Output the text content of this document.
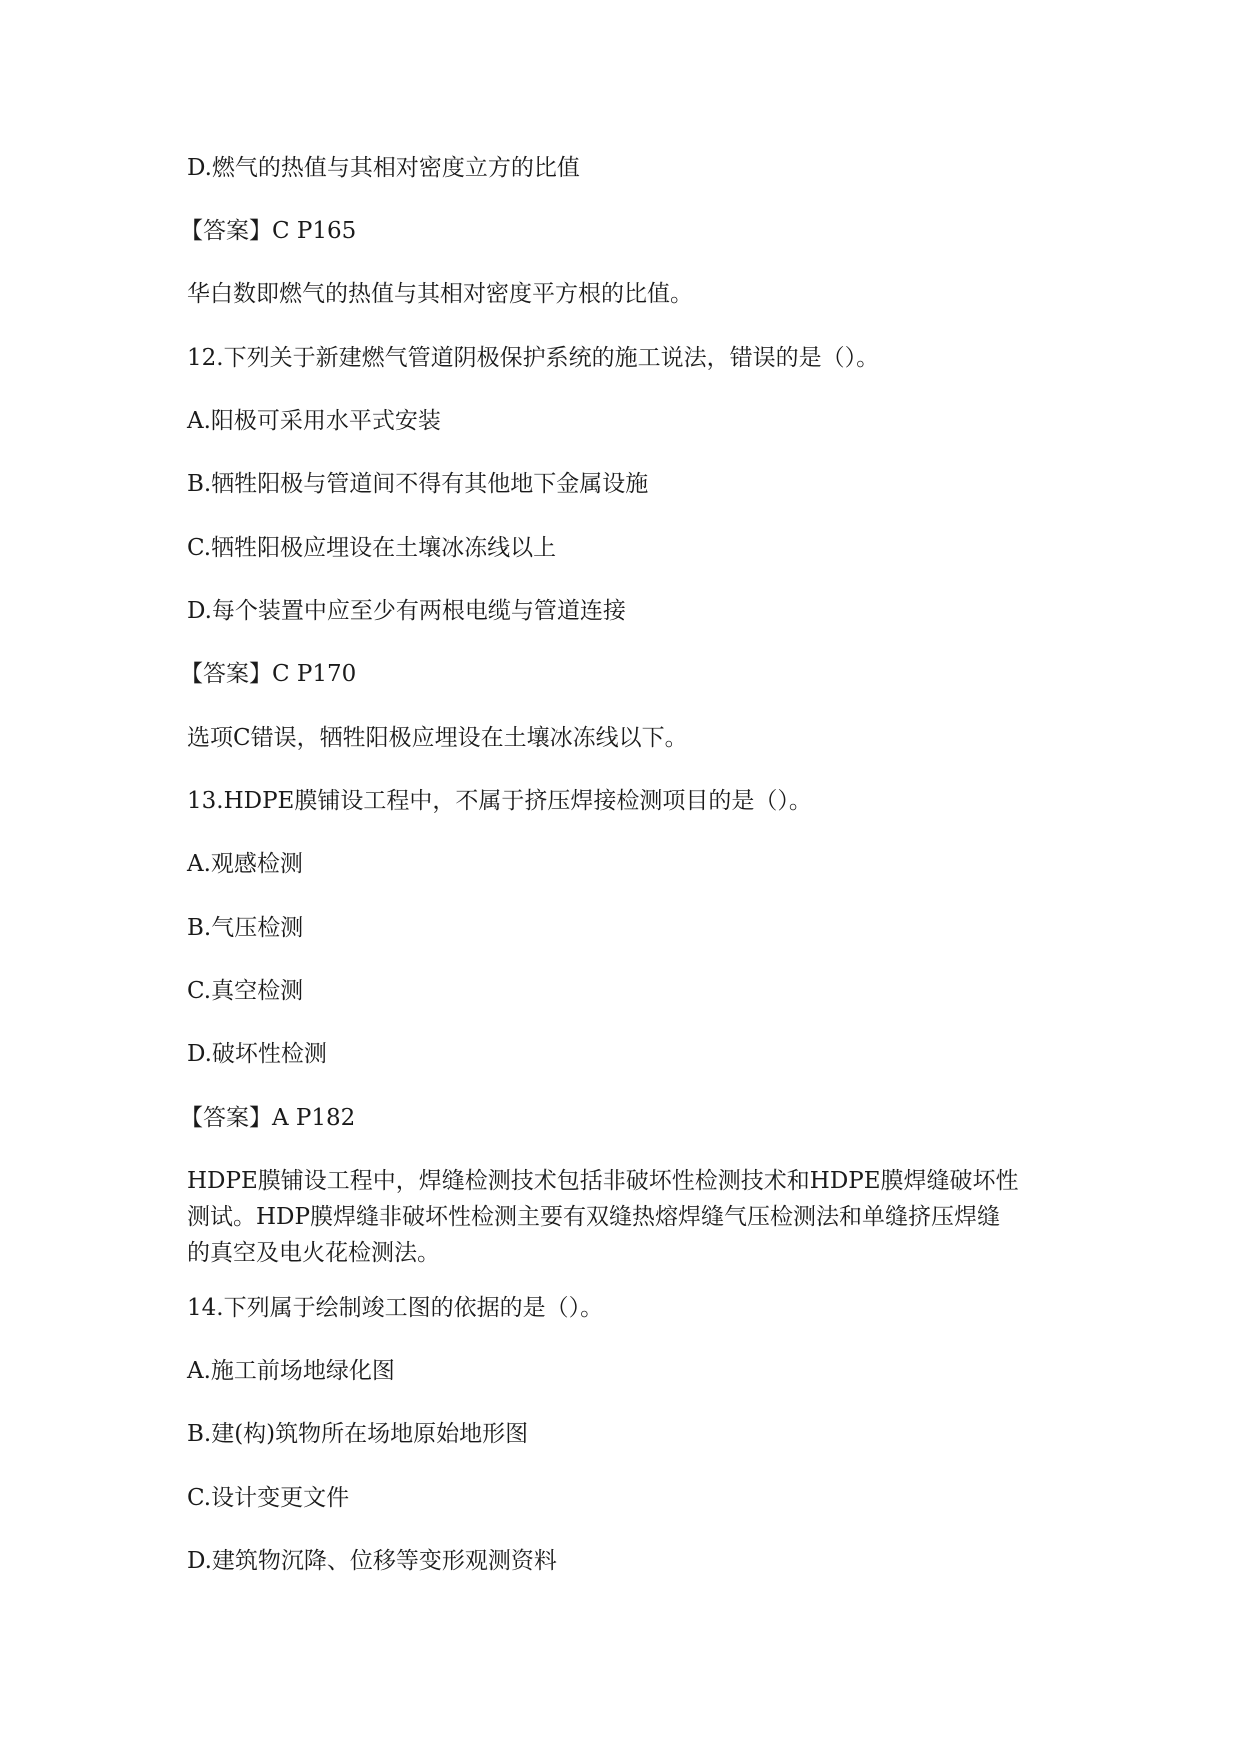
D.燃气的热值与其相对密度立方的比值
【答案】C P165
华白数即燃气的热值与其相对密度平方根的比值。
12.下列关于新建燃气管道阴极保护系统的施工说法，错误的是（）。
A.阳极可采用水平式安装
B.牺牲阳极与管道间不得有其他地下金属设施
C.牺牲阳极应埋设在土壤冰冻线以上
D.每个装置中应至少有两根电缆与管道连接
【答案】C P170
选项C错误，牺牲阳极应埋设在土壤冰冻线以下。
13.HDPE膜铺设工程中，不属于挤压焊接检测项目的是（）。
A.观感检测
B.气压检测
C.真空检测
D.破坏性检测
【答案】A P182
HDPE膜铺设工程中，焊缝检测技术包括非破坏性检测技术和HDPE膜焊缝破坏性
测试。HDP膜焊缝非破坏性检测主要有双缝热熔焊缝气压检测法和单缝挤压焊缝
的真空及电火花检测法。
14.下列属于绘制竣工图的依据的是（）。
A.施工前场地绿化图
B.建(构)筑物所在场地原始地形图
C.设计变更文件
D.建筑物沉降、位移等变形观测资料
